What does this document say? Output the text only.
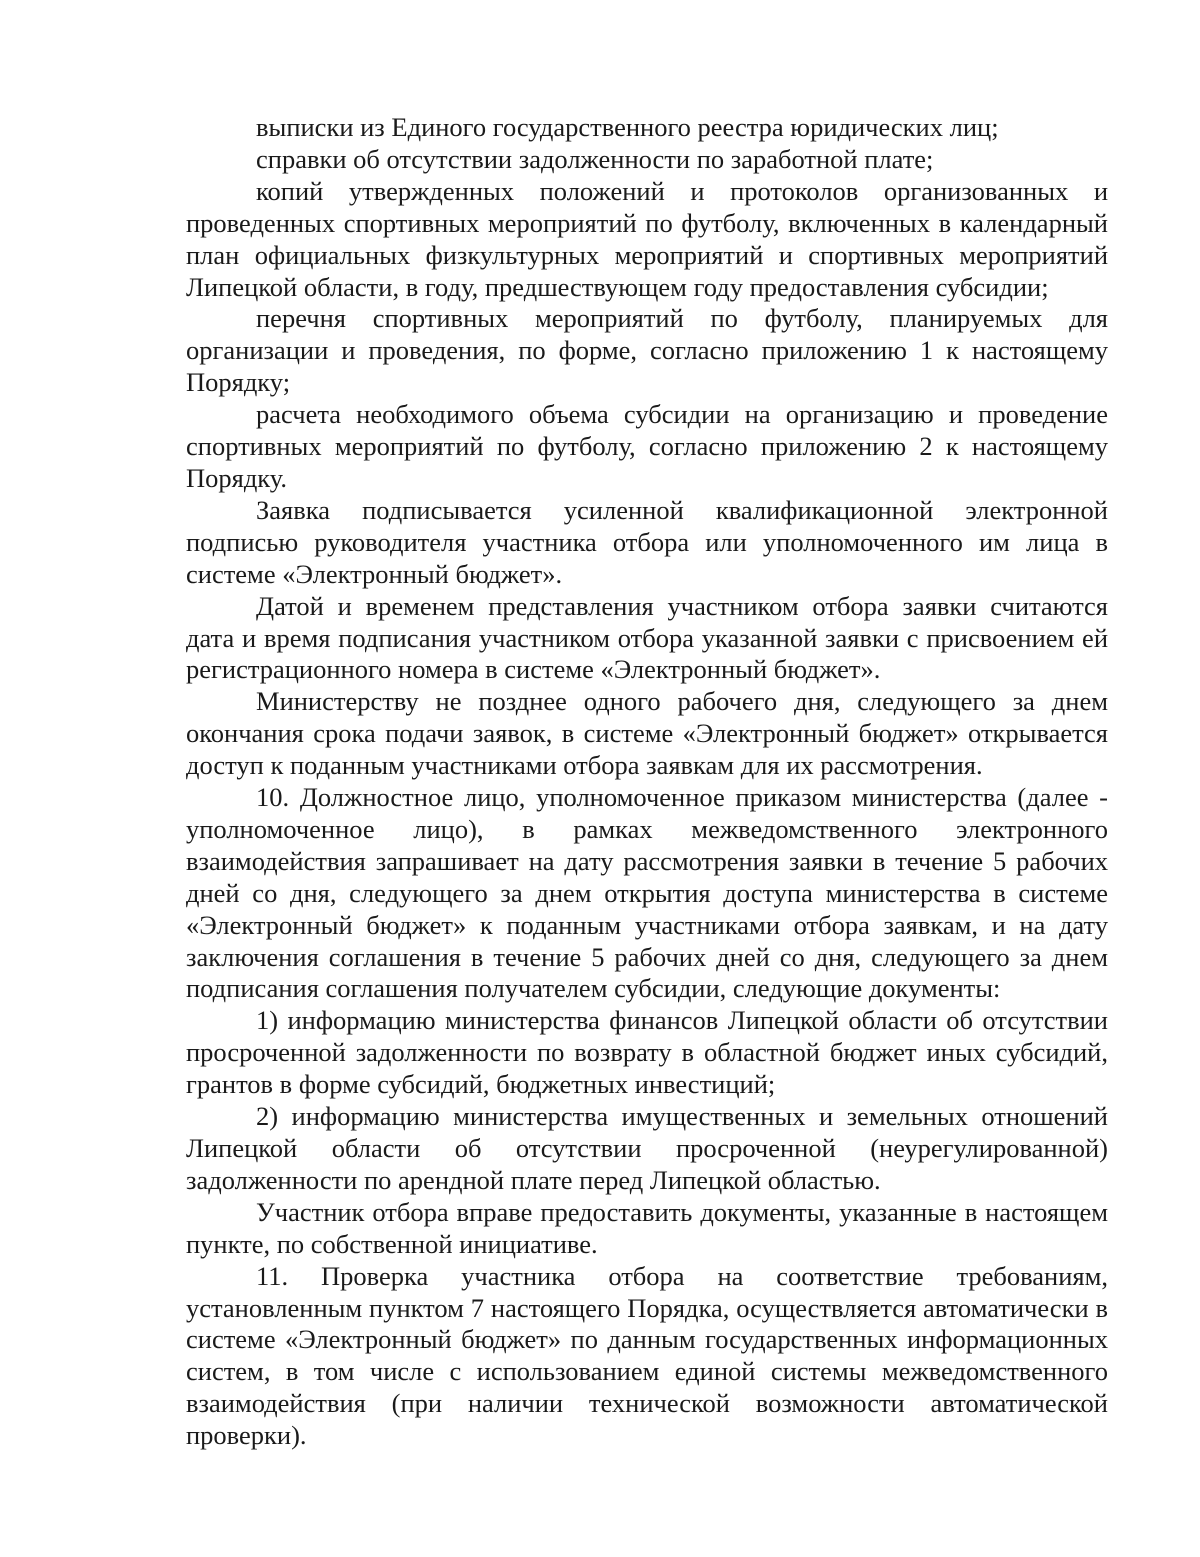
выписки из Единого государственного реестра юридических лиц;

справки об отсутствии задолженности по заработной плате;

копий утвержденных положений и протоколов организованных и проведенных спортивных мероприятий по футболу, включенных в календарный план официальных физкультурных мероприятий и спортивных мероприятий Липецкой области, в году, предшествующем году предоставления субсидии;

перечня спортивных мероприятий по футболу, планируемых для организации и проведения, по форме, согласно приложению 1 к настоящему Порядку;

расчета необходимого объема субсидии на организацию и проведение спортивных мероприятий по футболу, согласно приложению 2 к настоящему Порядку.

Заявка подписывается усиленной квалификационной электронной подписью руководителя участника отбора или уполномоченного им лица в системе «Электронный бюджет».

Датой и временем представления участником отбора заявки считаются дата и время подписания участником отбора указанной заявки с присвоением ей регистрационного номера в системе «Электронный бюджет».

Министерству не позднее одного рабочего дня, следующего за днем окончания срока подачи заявок, в системе «Электронный бюджет» открывается доступ к поданным участниками отбора заявкам для их рассмотрения.

10. Должностное лицо, уполномоченное приказом министерства (далее - уполномоченное лицо), в рамках межведомственного электронного взаимодействия запрашивает на дату рассмотрения заявки в течение 5 рабочих дней со дня, следующего за днем открытия доступа министерства в системе «Электронный бюджет» к поданным участниками отбора заявкам, и на дату заключения соглашения в течение 5 рабочих дней со дня, следующего за днем подписания соглашения получателем субсидии, следующие документы:

1) информацию министерства финансов Липецкой области об отсутствии просроченной задолженности по возврату в областной бюджет иных субсидий, грантов в форме субсидий, бюджетных инвестиций;

2) информацию министерства имущественных и земельных отношений Липецкой области об отсутствии просроченной (неурегулированной) задолженности по арендной плате перед Липецкой областью.

Участник отбора вправе предоставить документы, указанные в настоящем пункте, по собственной инициативе.

11. Проверка участника отбора на соответствие требованиям, установленным пунктом 7 настоящего Порядка, осуществляется автоматически в системе «Электронный бюджет» по данным государственных информационных систем, в том числе с использованием единой системы межведомственного взаимодействия (при наличии технической возможности автоматической проверки).
